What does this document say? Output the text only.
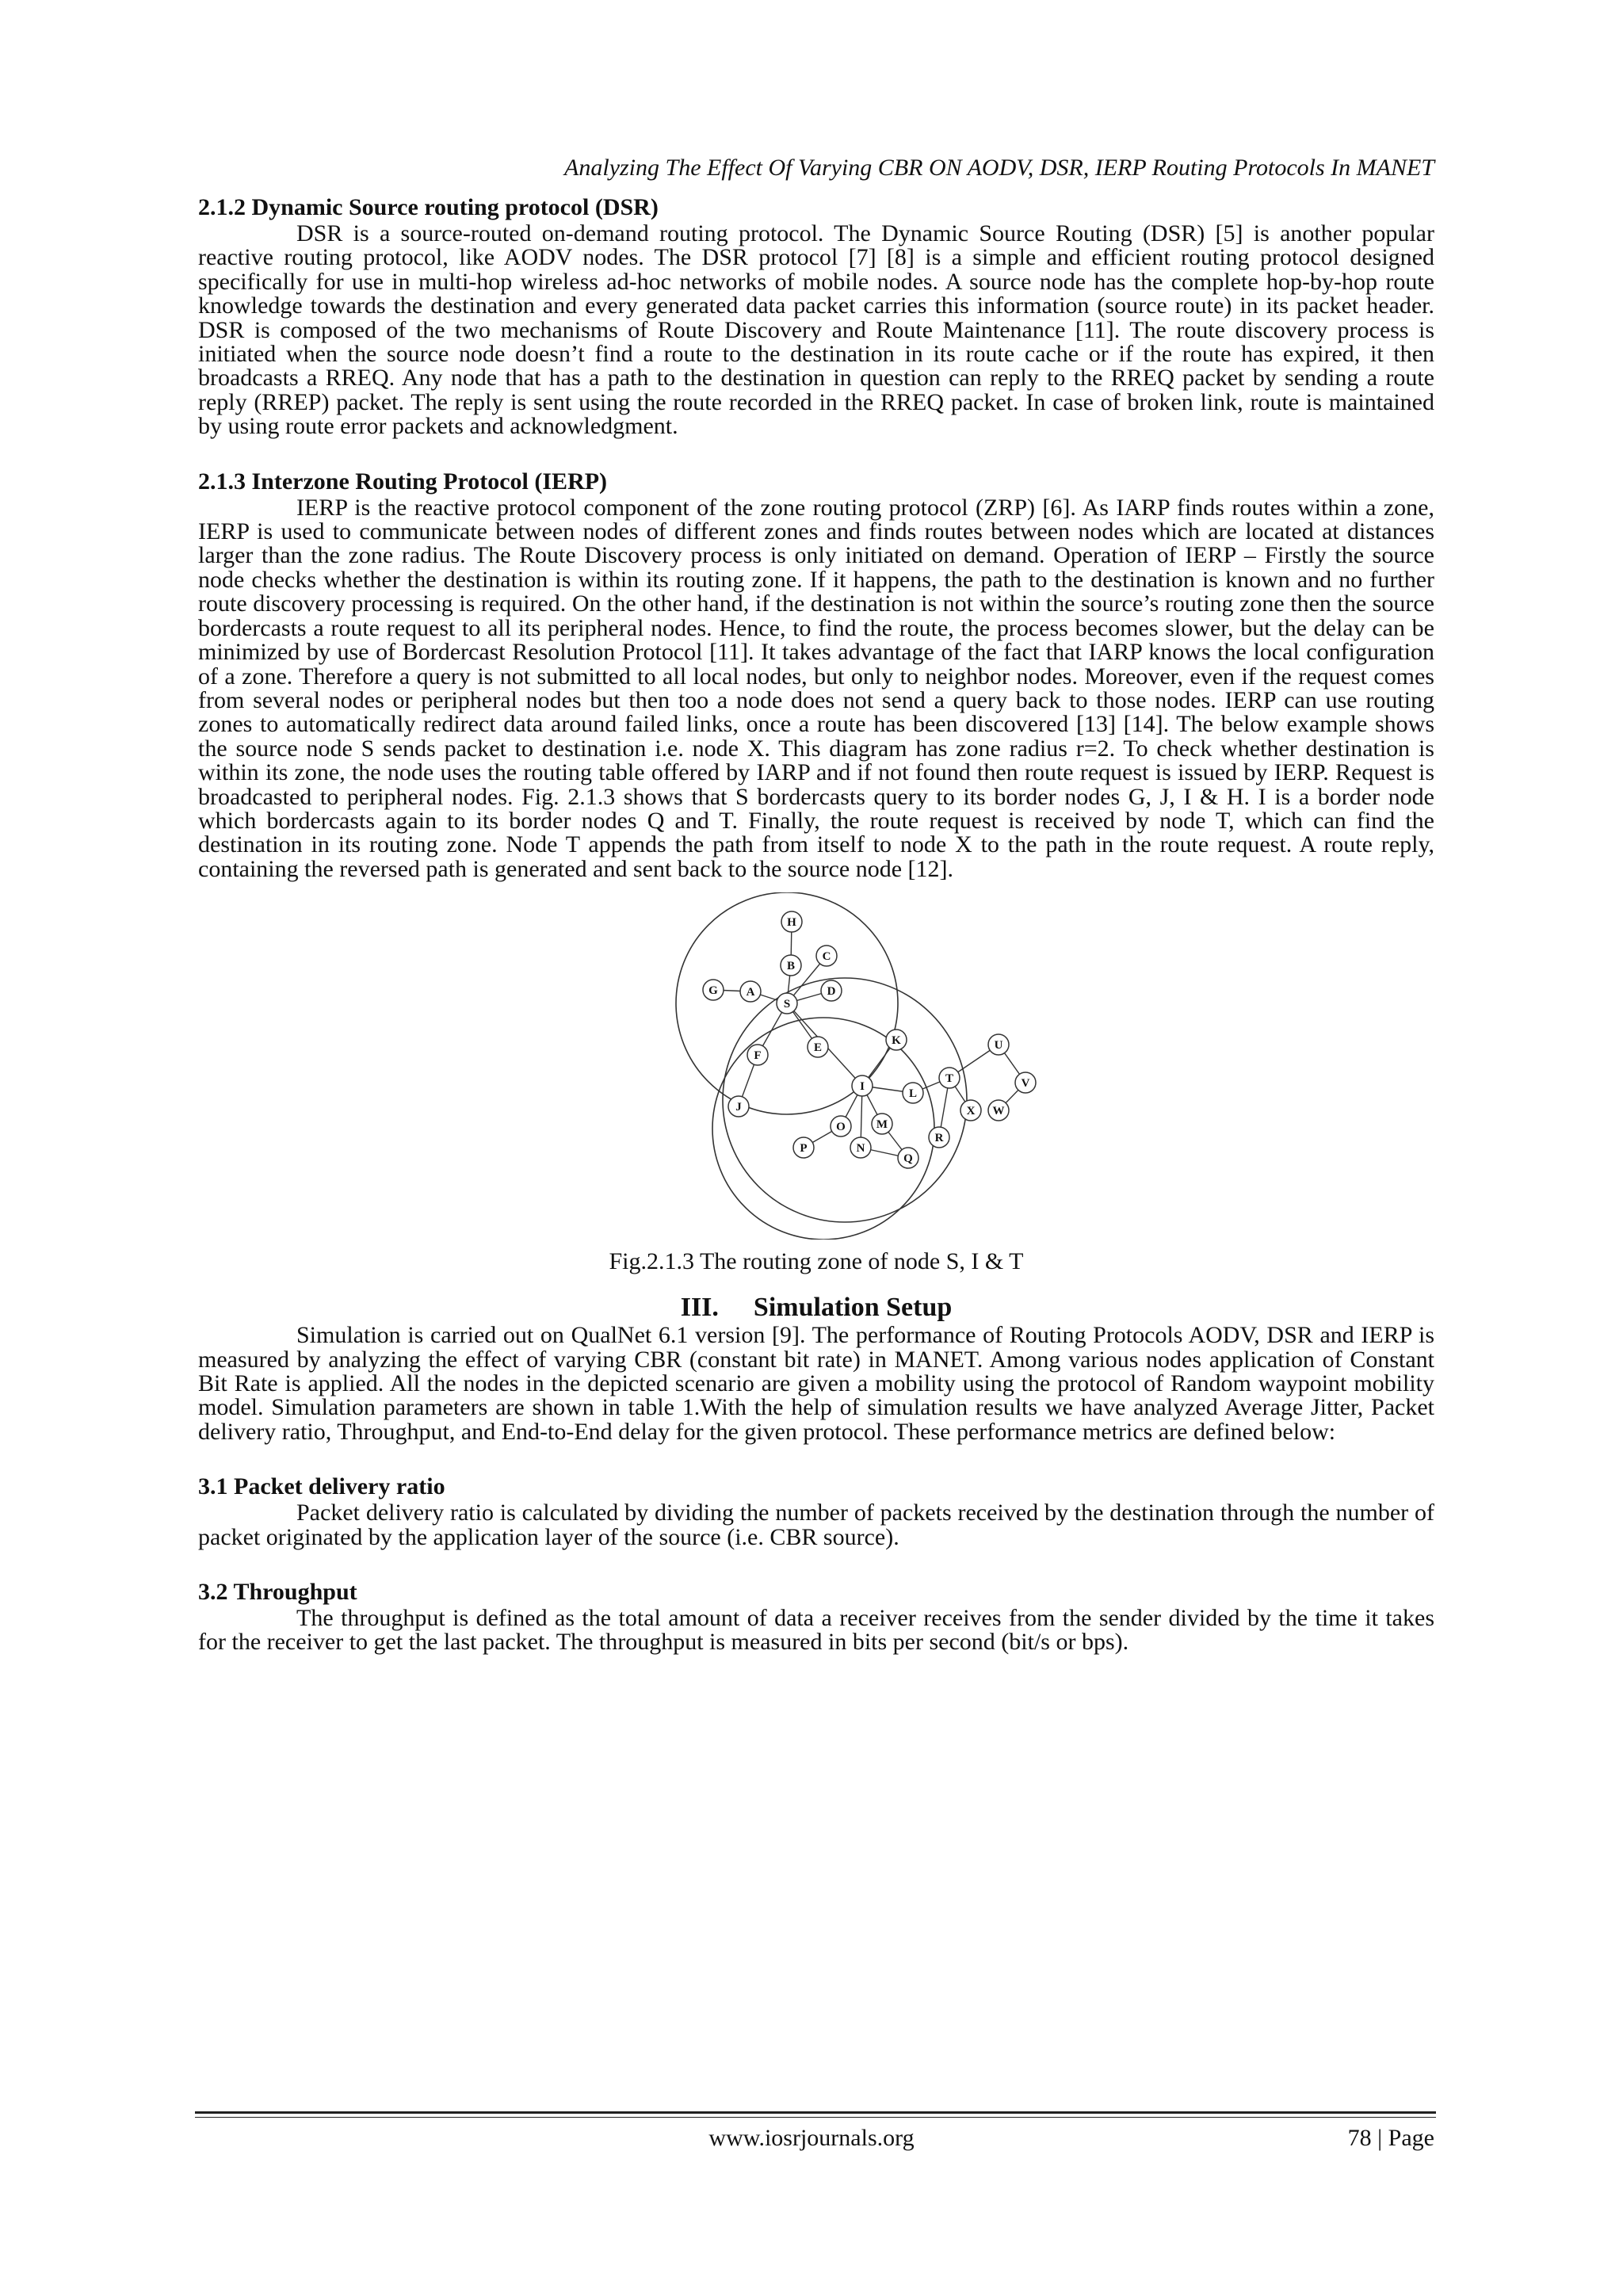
Analyzing The Effect Of Varying CBR ON AODV, DSR, IERP Routing Protocols In MANET

2.1.2 Dynamic Source routing protocol (DSR)

DSR is a source-routed on-demand routing protocol. The Dynamic Source Routing (DSR) [5] is another popular reactive routing protocol, like AODV nodes. The DSR protocol [7] [8] is a simple and efficient routing protocol designed specifically for use in multi-hop wireless ad-hoc networks of mobile nodes. A source node has the complete hop-by-hop route knowledge towards the destination and every generated data packet carries this information (source route) in its packet header. DSR is composed of the two mechanisms of Route Discovery and Route Maintenance [11]. The route discovery process is initiated when the source node doesn’t find a route to the destination in its route cache or if the route has expired, it then broadcasts a RREQ. Any node that has a path to the destination in question can reply to the RREQ packet by sending a route reply (RREP) packet. The reply is sent using the route recorded in the RREQ packet. In case of broken link, route is maintained by using route error packets and acknowledgment.

2.1.3 Interzone Routing Protocol (IERP)

IERP is the reactive protocol component of the zone routing protocol (ZRP) [6]. As IARP finds routes within a zone, IERP is used to communicate between nodes of different zones and finds routes between nodes which are located at distances larger than the zone radius. The Route Discovery process is only initiated on demand. Operation of IERP – Firstly the source node checks whether the destination is within its routing zone. If it happens, the path to the destination is known and no further route discovery processing is required. On the other hand, if the destination is not within the source’s routing zone then the source bordercasts a route request to all its peripheral nodes. Hence, to find the route, the process becomes slower, but the delay can be minimized by use of Bordercast Resolution Protocol [11]. It takes advantage of the fact that IARP knows the local configuration of a zone. Therefore a query is not submitted to all local nodes, but only to neighbor nodes. Moreover, even if the request comes from several nodes or peripheral nodes but then too a node does not send a query back to those nodes. IERP can use routing zones to automatically redirect data around failed links, once a route has been discovered [13] [14]. The below example shows the source node S sends packet to destination i.e. node X. This diagram has zone radius r=2. To check whether destination is within its zone, the node uses the routing table offered by IARP and if not found then route request is issued by IERP. Request is broadcasted to peripheral nodes. Fig. 2.1.3 shows that S bordercasts query to its border nodes G, J, I & H. I is a border node which bordercasts again to its border nodes Q and T. Finally, the route request is received by node T, which can find the destination in its routing zone. Node T appends the path from itself to node X to the path in the route request. A route reply, containing the reversed path is generated and sent back to the source node [12].

H
C
B
G A	D
S
E
F
K	U
T	V
I
L
J	X W
O	M
P	N
R
Q
Fig.2.1.3 The routing zone of node S, I & T
III. Simulation Setup

Simulation is carried out on QualNet 6.1 version [9]. The performance of Routing Protocols AODV, DSR and IERP is measured by analyzing the effect of varying CBR (constant bit rate) in MANET. Among various nodes application of Constant Bit Rate is applied. All the nodes in the depicted scenario are given a mobility using the protocol of Random waypoint mobility model. Simulation parameters are shown in table 1.With the help of simulation results we have analyzed Average Jitter, Packet delivery ratio, Throughput, and End-to-End delay for the given protocol. These performance metrics are defined below:

3.1 Packet delivery ratio

Packet delivery ratio is calculated by dividing the number of packets received by the destination through the number of packet originated by the application layer of the source (i.e. CBR source).

3.2 Throughput

The throughput is defined as the total amount of data a receiver receives from the sender divided by the time it takes for the receiver to get the last packet. The throughput is measured in bits per second (bit/s or bps).

www.iosrjournals.org	78 | Page
